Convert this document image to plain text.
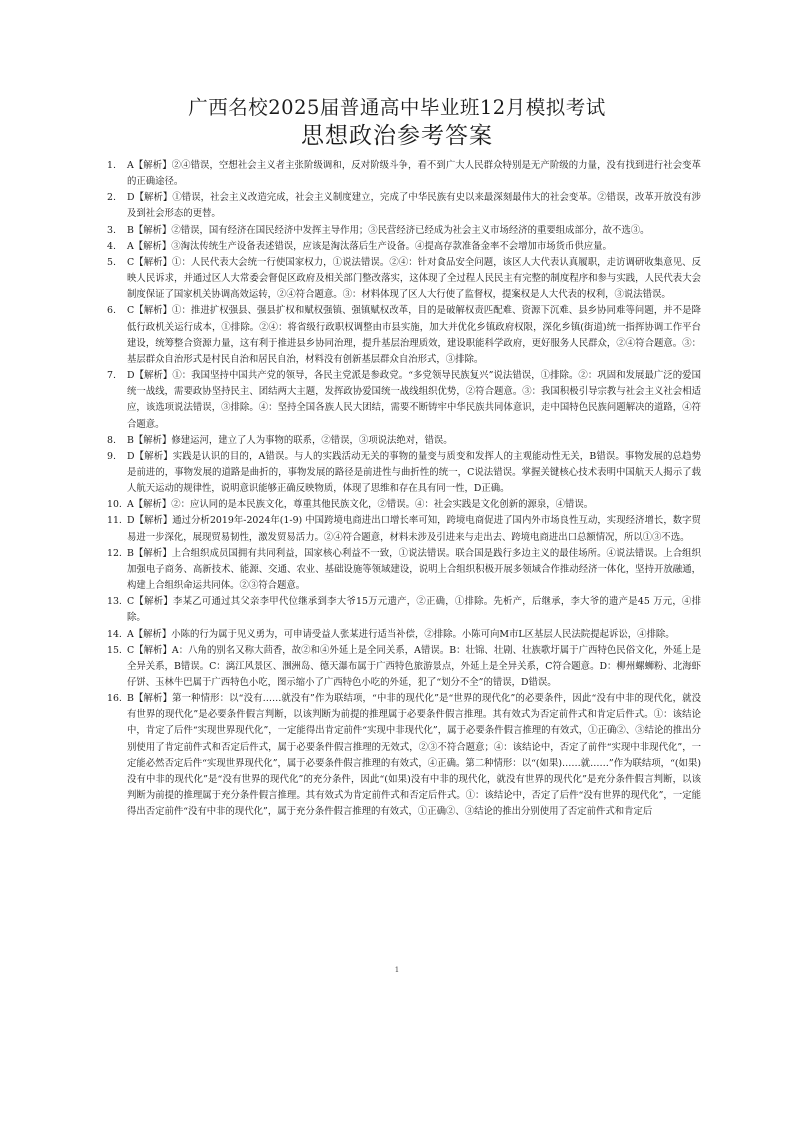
广西名校2025届普通高中毕业班12月模拟考试
思想政治参考答案
1. A【解析】②④错误，空想社会主义者主张阶级调和，反对阶级斗争，看不到广大人民群众特别是无产阶级的力量，没有找到进行社会变革的正确途径。
2. D【解析】①错误，社会主义改造完成，社会主义制度建立，完成了中华民族有史以来最深刻最伟大的社会变革。②错误，改革开放没有涉及到社会形态的更替。
3. B【解析】②错误，国有经济在国民经济中发挥主导作用；③民营经济已经成为社会主义市场经济的重要组成部分，故不选③。
4. A【解析】③淘汰传统生产设备表述错误，应该是淘汰落后生产设备。④提高存款准备金率不会增加市场货币供应量。
5. C【解析】①：人民代表大会统一行使国家权力，①说法错误。②④：针对食品安全问题，该区人大代表认真履职，走访调研收集意见、反映人民诉求，并通过区人大常委会督促区政府及相关部门整改落实，这体现了全过程人民民主有完整的制度程序和参与实践，人民代表大会制度保证了国家机关协调高效运转，②④符合题意。③：材料体现了区人大行使了监督权，提案权是人大代表的权利，③说法错误。
6. C【解析】①：推进扩权强县、强县扩权和赋权强镇、强镇赋权改革，目的是破解权责匹配难、资源下沉难、县乡协同难等问题，并不是降低行政机关运行成本，①排除。②④：将省级行政职权调整由市县实施，加大并优化乡镇政府权限，深化乡镇(街道)统一指挥协调工作平台建设，统筹整合资源力量，这有利于推进县乡协同治理，提升基层治理质效，建设职能科学政府，更好服务人民群众，②④符合题意。③：基层群众自治形式是村民自治和居民自治，材料没有创新基层群众自治形式，③排除。
7. D【解析】①：我国坚持中国共产党的领导，各民主党派是参政党。“多党领导民族复兴”说法错误，①排除。②：巩固和发展最广泛的爱国统一战线，需要政协坚持民主、团结两大主题，发挥政协爱国统一战线组织优势，②符合题意。③：我国积极引导宗教与社会主义社会相适应，该选项说法错误，③排除。④：坚持全国各族人民大团结，需要不断铸牢中华民族共同体意识，走中国特色民族问题解决的道路，④符合题意。
8. B【解析】修建运河，建立了人为事物的联系，②错误，③项说法绝对，错误。
9. D【解析】实践是认识的目的，A错误。与人的实践活动无关的事物的量变与质变和发挥人的主观能动性无关，B错误。事物发展的总趋势是前进的，事物发展的道路是曲折的，事物发展的路径是前进性与曲折性的统一，C说法错误。掌握关键核心技术表明中国航天人揭示了载人航天运动的规律性，说明意识能够正确反映物质，体现了思维和存在具有同一性，D正确。
10. A【解析】②：应认同的是本民族文化，尊重其他民族文化，②错误。④：社会实践是文化创新的源泉，④错误。
11. D【解析】通过分析2019年-2024年(1-9) 中国跨境电商进出口增长率可知，跨境电商促进了国内外市场良性互动，实现经济增长，数字贸易进一步深化，展现贸易韧性，激发贸易活力。②④符合题意，材料未涉及引进来与走出去、跨境电商进出口总额情况，所以①③不选。
12. B【解析】上合组织成员国拥有共同利益，国家核心利益不一致，①说法错误。联合国是践行多边主义的最佳场所。④说法错误。上合组织加强电子商务、高新技术、能源、交通、农业、基础设施等领域建设，说明上合组织积极开展多领域合作推动经济一体化，坚持开放融通，构建上合组织命运共同体。②③符合题意。
13. C【解析】李某乙可通过其父亲李甲代位继承到李大爷15万元遗产，②正确，①排除。先析产，后继承，李大爷的遗产是45 万元，④排除。
14. A【解析】小陈的行为属于见义勇为，可申请受益人张某进行适当补偿，②排除。小陈可向M市L区基层人民法院提起诉讼，④排除。
15. C【解析】A：八角的别名又称大茴香，故②和④外延上是全同关系，A错误。B：壮锦、壮剧、壮族歌圩属于广西特色民俗文化，外延上是全异关系，B错误。C：漓江风景区、涠洲岛、德天瀑布属于广西特色旅游景点，外延上是全异关系，C符合题意。D：柳州螺蛳粉、北海虾仔饼、玉林牛巴属于广西特色小吃，图示缩小了广西特色小吃的外延，犯了“划分不全”的错误，D错误。
16. B【解析】第一种情形：以“没有……就没有”作为联结项，“中非的现代化”是“世界的现代化”的必要条件，因此“没有中非的现代化，就没有世界的现代化”是必要条件假言判断，以该判断为前提的推理属于必要条件假言推理。其有效式为否定前件式和肯定后件式。①：该结论中，肯定了后件“实现世界现代化”，一定能得出肯定前件“实现中非现代化”，属于必要条件假言推理的有效式，①正确②、③结论的推出分别使用了肯定前件式和否定后件式，属于必要条件假言推理的无效式，②③不符合题意；④：该结论中，否定了前件“实现中非现代化”，一定能必然否定后件“实现世界现代化”，属于必要条件假言推理的有效式，④正确。第二种情形：以“(如果)……就……”作为联结项，“(如果)没有中非的现代化”是“没有世界的现代化”的充分条件，因此“(如果)没有中非的现代化，就没有世界的现代化”是充分条件假言判断，以该判断为前提的推理属于充分条件假言推理。其有效式为肯定前件式和否定后件式。①：该结论中，否定了后件“没有世界的现代化”，一定能得出否定前件“没有中非的现代化”，属于充分条件假言推理的有效式，①正确②、③结论的推出分别使用了否定前件式和肯定后
1
